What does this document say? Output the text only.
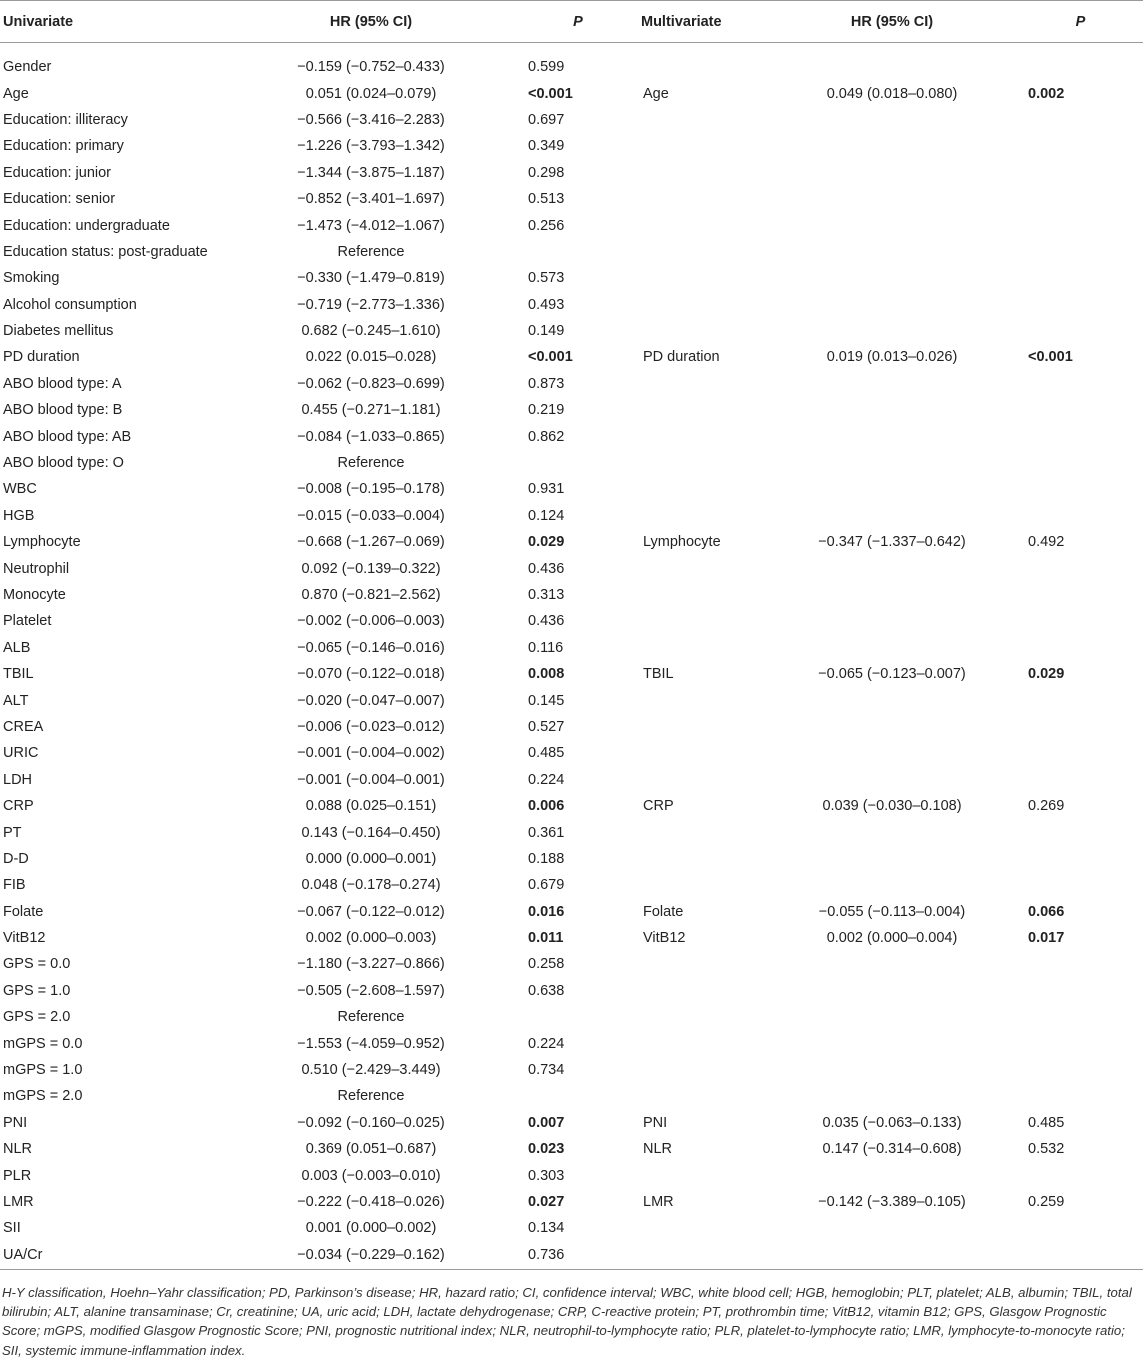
Univariate	HR (95% CI)	P	Multivariate	HR (95% CI)	P
Gender	−0.159 (−0.752–0.433)	0.599			
Age	0.051 (0.024–0.079)	<0.001	Age	0.049 (0.018–0.080)	0.002
Education: illiteracy	−0.566 (−3.416–2.283)	0.697			
Education: primary	−1.226 (−3.793–1.342)	0.349			
Education: junior	−1.344 (−3.875–1.187)	0.298			
Education: senior	−0.852 (−3.401–1.697)	0.513			
Education: undergraduate	−1.473 (−4.012–1.067)	0.256			
Education status: post-graduate	Reference				
Smoking	−0.330 (−1.479–0.819)	0.573			
Alcohol consumption	−0.719 (−2.773–1.336)	0.493			
Diabetes mellitus	0.682 (−0.245–1.610)	0.149			
PD duration	0.022 (0.015–0.028)	<0.001	PD duration	0.019 (0.013–0.026)	<0.001
ABO blood type: A	−0.062 (−0.823–0.699)	0.873			
ABO blood type: B	0.455 (−0.271–1.181)	0.219			
ABO blood type: AB	−0.084 (−1.033–0.865)	0.862			
ABO blood type: O	Reference				
WBC	−0.008 (−0.195–0.178)	0.931			
HGB	−0.015 (−0.033–0.004)	0.124			
Lymphocyte	−0.668 (−1.267–0.069)	0.029	Lymphocyte	−0.347 (−1.337–0.642)	0.492
Neutrophil	0.092 (−0.139–0.322)	0.436			
Monocyte	0.870 (−0.821–2.562)	0.313			
Platelet	−0.002 (−0.006–0.003)	0.436			
ALB	−0.065 (−0.146–0.016)	0.116			
TBIL	−0.070 (−0.122–0.018)	0.008	TBIL	−0.065 (−0.123–0.007)	0.029
ALT	−0.020 (−0.047–0.007)	0.145			
CREA	−0.006 (−0.023–0.012)	0.527			
URIC	−0.001 (−0.004–0.002)	0.485			
LDH	−0.001 (−0.004–0.001)	0.224			
CRP	0.088 (0.025–0.151)	0.006	CRP	0.039 (−0.030–0.108)	0.269
PT	0.143 (−0.164–0.450)	0.361			
D-D	0.000 (0.000–0.001)	0.188			
FIB	0.048 (−0.178–0.274)	0.679			
Folate	−0.067 (−0.122–0.012)	0.016	Folate	−0.055 (−0.113–0.004)	0.066
VitB12	0.002 (0.000–0.003)	0.011	VitB12	0.002 (0.000–0.004)	0.017
GPS = 0.0	−1.180 (−3.227–0.866)	0.258			
GPS = 1.0	−0.505 (−2.608–1.597)	0.638			
GPS = 2.0	Reference				
mGPS = 0.0	−1.553 (−4.059–0.952)	0.224			
mGPS = 1.0	0.510 (−2.429–3.449)	0.734			
mGPS = 2.0	Reference				
PNI	−0.092 (−0.160–0.025)	0.007	PNI	0.035 (−0.063–0.133)	0.485
NLR	0.369 (0.051–0.687)	0.023	NLR	0.147 (−0.314–0.608)	0.532
PLR	0.003 (−0.003–0.010)	0.303			
LMR	−0.222 (−0.418–0.026)	0.027	LMR	−0.142 (−3.389–0.105)	0.259
SII	0.001 (0.000–0.002)	0.134			
UA/Cr	−0.034 (−0.229–0.162)	0.736			
H-Y classification, Hoehn–Yahr classification; PD, Parkinson’s disease; HR, hazard ratio; CI, confidence interval; WBC, white blood cell; HGB, hemoglobin; PLT, platelet; ALB, albumin; TBIL, total bilirubin; ALT, alanine transaminase; Cr, creatinine; UA, uric acid; LDH, lactate dehydrogenase; CRP, C-reactive protein; PT, prothrombin time; VitB12, vitamin B12; GPS, Glasgow Prognostic Score; mGPS, modified Glasgow Prognostic Score; PNI, prognostic nutritional index; NLR, neutrophil-to-lymphocyte ratio; PLR, platelet-to-lymphocyte ratio; LMR, lymphocyte-to-monocyte ratio; SII, systemic immune-inflammation index.
